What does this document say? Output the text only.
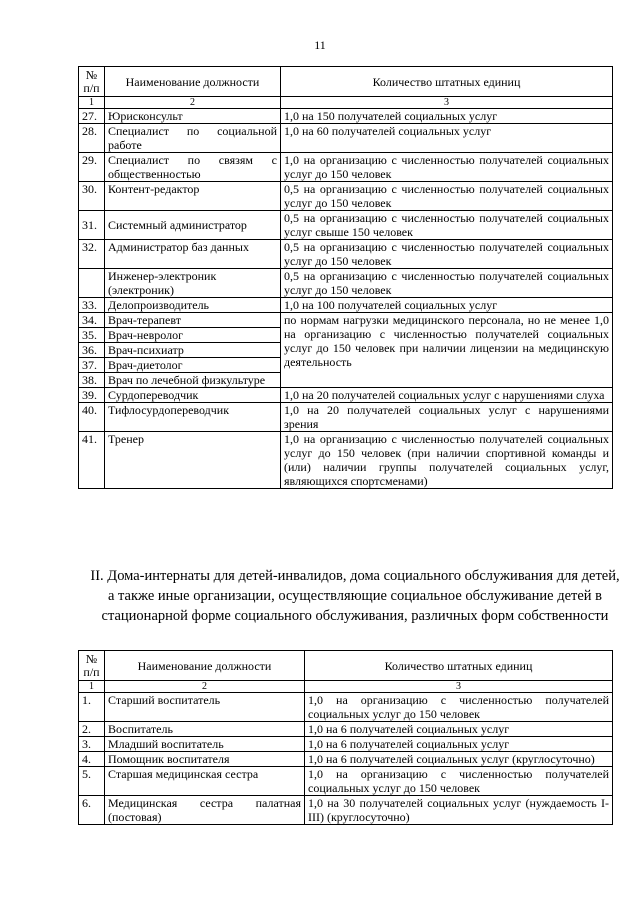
11
№ п/п	Наименование должности	Количество штатных единиц
1	2	3
27.	Юрисконсульт	1,0 на 150 получателей социальных услуг
28.	Специалист по социальной работе	1,0 на 60 получателей социальных услуг
29.	Специалист по связям с общественностью	1,0 на организацию с численностью получателей социальных услуг до 150 человек
30.	Контент-редактор	0,5 на организацию с численностью получателей социальных услуг до 150 человек
31.	Системный администратор	0,5 на организацию с численностью получателей социальных услуг свыше 150 человек
32.	Администратор баз данных	0,5 на организацию с численностью получателей социальных услуг до 150 человек
	Инженер-электроник (электроник)	0,5 на организацию с численностью получателей социальных услуг до 150 человек
33.	Делопроизводитель	1,0 на 100 получателей социальных услуг
34.	Врач-терапевт	по нормам нагрузки медицинского персонала, но не менее 1,0 на организацию с численностью получателей социальных услуг до 150 человек при наличии лицензии на медицинскую деятельность
35.	Врач-невролог	
36.	Врач-психиатр	
37.	Врач-диетолог	
38.	Врач по лечебной физкультуре	
39.	Сурдопереводчик	1,0 на 20 получателей социальных услуг с нарушениями слуха
40.	Тифлосурдопереводчик	1,0 на 20 получателей социальных услуг с нарушениями зрения
41.	Тренер	1,0 на организацию с численностью получателей социальных услуг до 150 человек (при наличии спортивной команды и (или) наличии группы получателей социальных услуг, являющихся спортсменами)
II. Дома-интернаты для детей-инвалидов, дома социального обслуживания для детей, а также иные организации, осуществляющие социальное обслуживание детей в стационарной форме социального обслуживания, различных форм собственности
№ п/п	Наименование должности	Количество штатных единиц
1	2	3
1.	Старший воспитатель	1,0 на организацию с численностью получателей социальных услуг до 150 человек
2.	Воспитатель	1,0 на 6 получателей социальных услуг
3.	Младший воспитатель	1,0 на 6 получателей социальных услуг
4.	Помощник воспитателя	1,0 на 6 получателей социальных услуг (круглосуточно)
5.	Старшая медицинская сестра	1,0 на организацию с численностью получателей социальных услуг до 150 человек
6.	Медицинская сестра палатная (постовая)	1,0 на 30 получателей социальных услуг (нуждаемость I-III) (круглосуточно)
